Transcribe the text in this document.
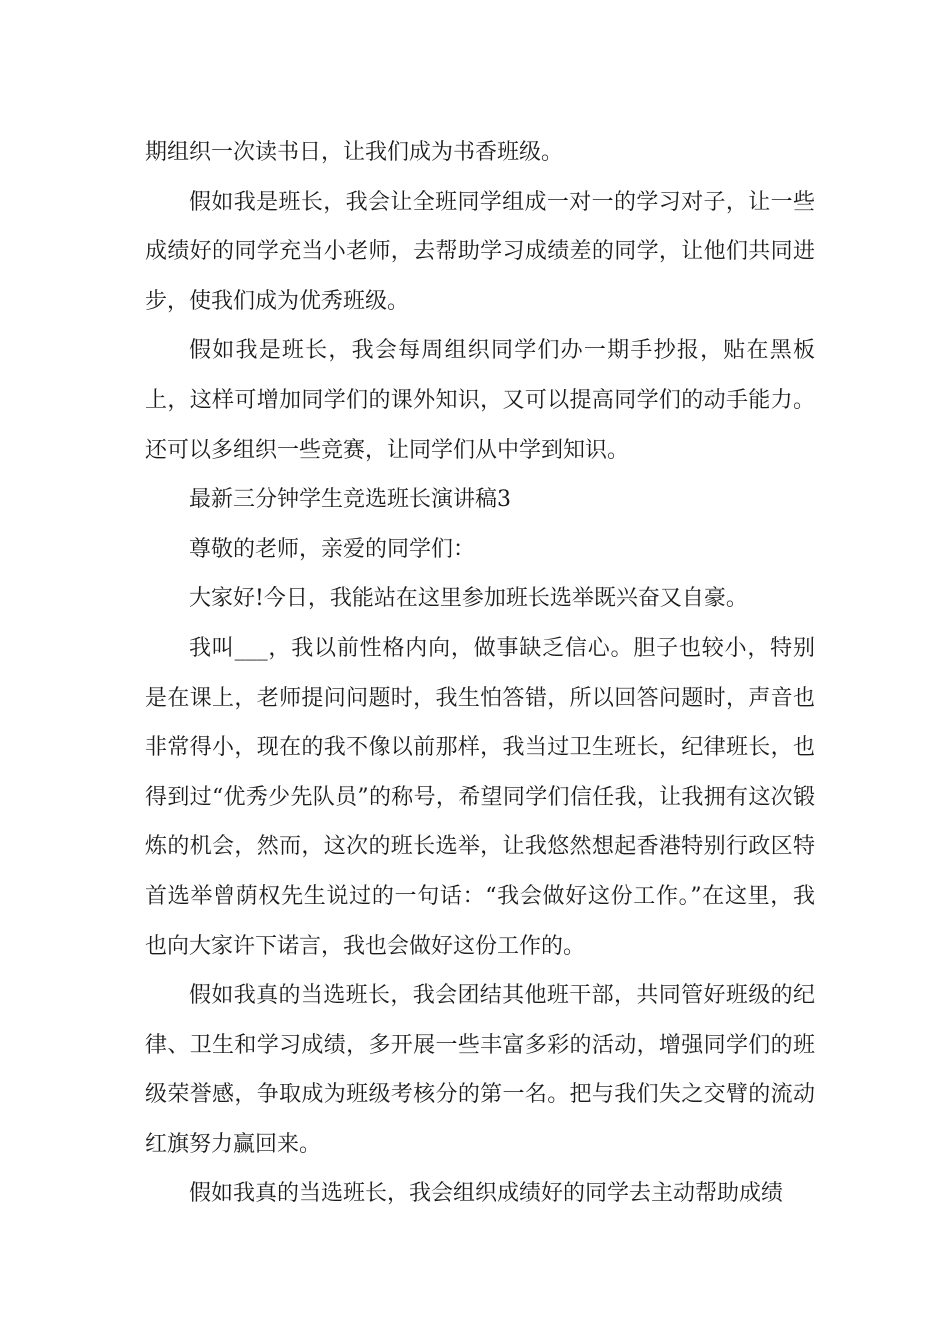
期组织一次读书日，让我们成为书香班级。

假如我是班长，我会让全班同学组成一对一的学习对子，让一些成绩好的同学充当小老师，去帮助学习成绩差的同学，让他们共同进步，使我们成为优秀班级。

假如我是班长，我会每周组织同学们办一期手抄报，贴在黑板上，这样可增加同学们的课外知识，又可以提高同学们的动手能力。还可以多组织一些竞赛，让同学们从中学到知识。

最新三分钟学生竞选班长演讲稿3

尊敬的老师，亲爱的同学们：

大家好!今日，我能站在这里参加班长选举既兴奋又自豪。

我叫___，我以前性格内向，做事缺乏信心。胆子也较小，特别是在课上，老师提问问题时，我生怕答错，所以回答问题时，声音也非常得小，现在的我不像以前那样，我当过卫生班长，纪律班长，也得到过“优秀少先队员”的称号，希望同学们信任我，让我拥有这次锻炼的机会，然而，这次的班长选举，让我悠然想起香港特别行政区特首选举曾荫权先生说过的一句话：“我会做好这份工作。”在这里，我也向大家许下诺言，我也会做好这份工作的。

假如我真的当选班长，我会团结其他班干部，共同管好班级的纪律、卫生和学习成绩，多开展一些丰富多彩的活动，增强同学们的班级荣誉感，争取成为班级考核分的第一名。把与我们失之交臂的流动红旗努力赢回来。

假如我真的当选班长，我会组织成绩好的同学去主动帮助成绩
